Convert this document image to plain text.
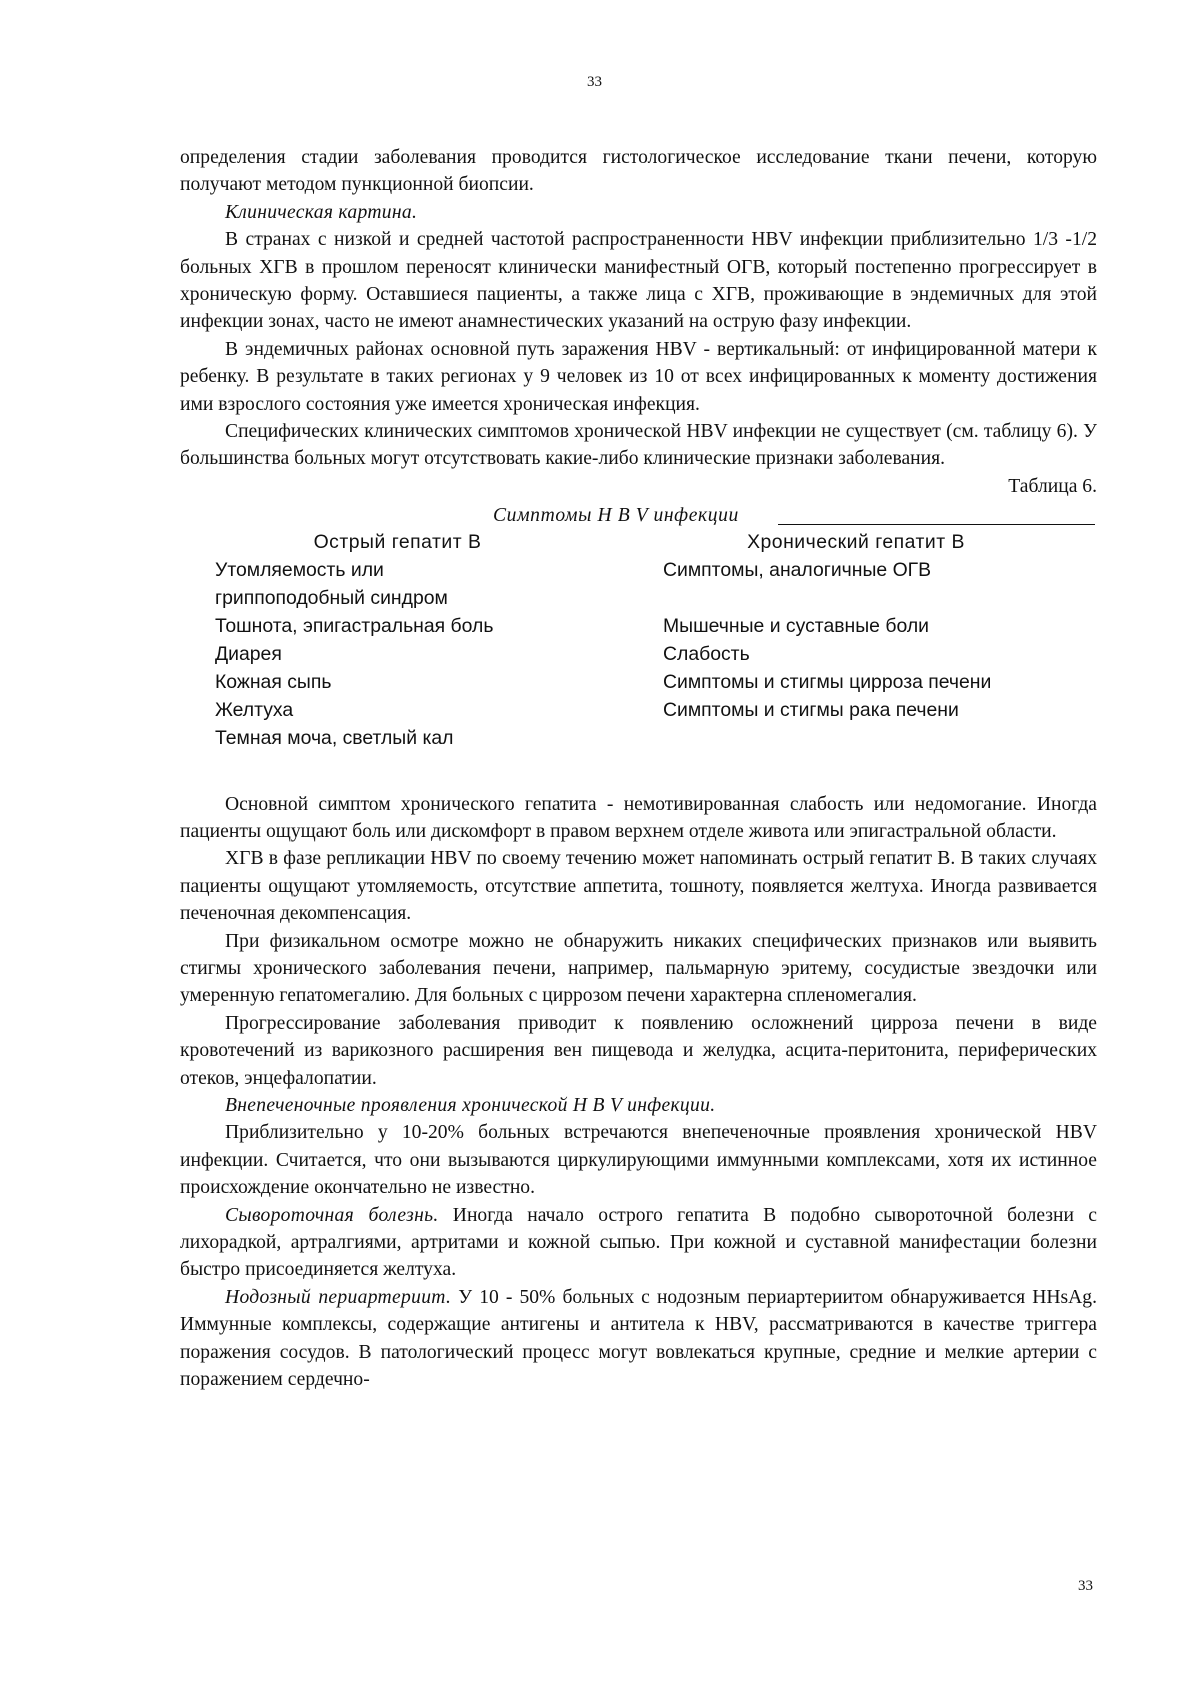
33

определения стадии заболевания проводится гистологическое исследование ткани печени, которую получают методом пункционной биопсии.

Клиническая картина.

В странах с низкой и средней частотой распространенности HBV инфекции приблизительно 1/3 -1/2 больных ХГВ в прошлом переносят клинически манифестный ОГВ, который постепенно прогрессирует в хроническую форму. Оставшиеся пациенты, а также лица с ХГВ, проживающие в эндемичных для этой инфекции зонах, часто не имеют анамнестических указаний на острую фазу инфекции.

В эндемичных районах основной путь заражения HBV - вертикальный: от инфицированной матери к ребенку. В результате в таких регионах у 9 человек из 10 от всех инфицированных к моменту достижения ими взрослого состояния уже имеется хроническая инфекция.

Специфических клинических симптомов хронической HBV инфекции не существует (см. таблицу 6). У большинства больных могут отсутствовать какие-либо клинические признаки заболевания.

Таблица 6.

Симптомы H B V инфекции
Острый гепатит В	Хронический гепатит В
Утомляемость или	Симптомы, аналогичные ОГВ
гриппоподобный синдром	
Тошнота, эпигастральная боль	Мышечные и суставные боли
Диарея	Слабость
Кожная сыпь	Симптомы и стигмы цирроза печени
Желтуха	Симптомы и стигмы рака печени
Темная моча, светлый кал	

Основной симптом хронического гепатита - немотивированная слабость или недомогание. Иногда пациенты ощущают боль или дискомфорт в правом верхнем отделе живота или эпигастральной области.

ХГВ в фазе репликации HBV по своему течению может напоминать острый гепатит В. В таких случаях пациенты ощущают утомляемость, отсутствие аппетита, тошноту, появляется желтуха. Иногда развивается печеночная декомпенсация.

При физикальном осмотре можно не обнаружить никаких специфических признаков или выявить стигмы хронического заболевания печени, например, пальмарную эритему, сосудистые звездочки или умеренную гепатомегалию. Для больных с циррозом печени характерна спленомегалия.

Прогрессирование заболевания приводит к появлению осложнений цирроза печени в виде кровотечений из варикозного расширения вен пищевода и желудка, асцита-перитонита, периферических отеков, энцефалопатии.

Внепеченочные проявления хронической H B V инфекции.

Приблизительно у 10-20% больных встречаются внепеченочные проявления хронической HBV инфекции. Считается, что они вызываются циркулирующими иммунными комплексами, хотя их истинное происхождение окончательно не известно.

Сывороточная болезнь. Иногда начало острого гепатита В подобно сывороточной болезни с лихорадкой, артралгиями, артритами и кожной сыпью. При кожной и суставной манифестации болезни быстро присоединяется желтуха.

Нодозный периартериит. У 10 - 50% больных с нодозным периартериитом обнаруживается HHsAg. Иммунные комплексы, содержащие антигены и антитела к HBV, рассматриваются в качестве триггера поражения сосудов. В патологический процесс могут вовлекаться крупные, средние и мелкие артерии с поражением сердечно-

33
